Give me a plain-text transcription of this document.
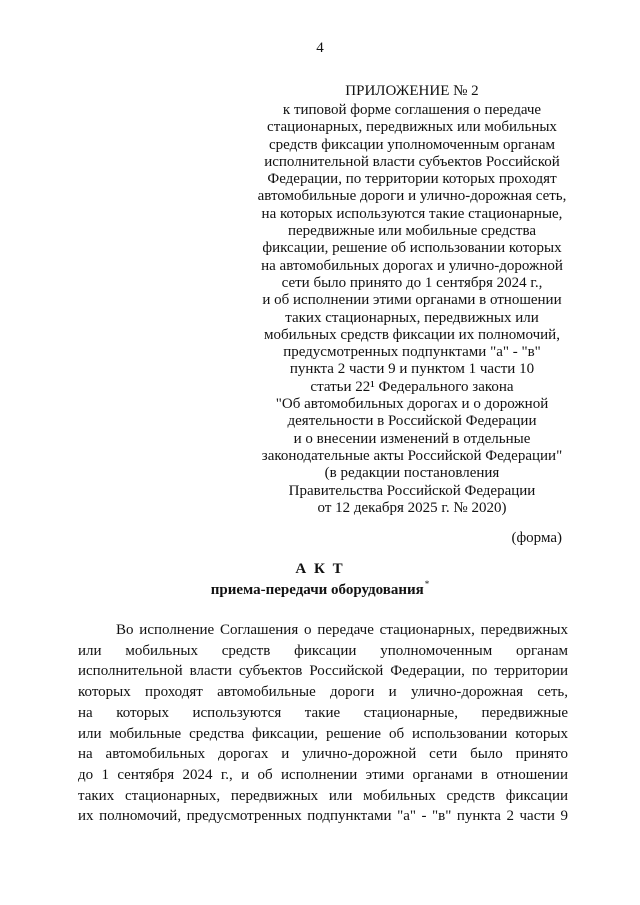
4
ПРИЛОЖЕНИЕ № 2
к типовой форме соглашения о передаче
стационарных, передвижных или мобильных
средств фиксации уполномоченным органам
исполнительной власти субъектов Российской
Федерации, по территории которых проходят
автомобильные дороги и улично-дорожная сеть,
на которых используются такие стационарные,
передвижные или мобильные средства
фиксации, решение об использовании которых
на автомобильных дорогах и улично-дорожной
сети было принято до 1 сентября 2024 г.,
и об исполнении этими органами в отношении
таких стационарных, передвижных или
мобильных средств фиксации их полномочий,
предусмотренных подпунктами "а" - "в"
пункта 2 части 9 и пунктом 1 части 10
статьи 22¹ Федерального закона
"Об автомобильных дорогах и о дорожной
деятельности в Российской Федерации
и о внесении изменений в отдельные
законодательные акты Российской Федерации"
(в редакции постановления
Правительства Российской Федерации
от 12 декабря 2025 г. № 2020)
(форма)
А К Т
приема-передачи оборудования*
Во исполнение Соглашения о передаче стационарных, передвижных
или мобильных средств фиксации уполномоченным органам
исполнительной власти субъектов Российской Федерации, по территории
которых проходят автомобильные дороги и улично-дорожная сеть,
на которых используются такие стационарные, передвижные
или мобильные средства фиксации, решение об использовании которых
на автомобильных дорогах и улично-дорожной сети было принято
до 1 сентября 2024 г., и об исполнении этими органами в отношении
таких стационарных, передвижных или мобильных средств фиксации
их полномочий, предусмотренных подпунктами "а" - "в" пункта 2 части 9
